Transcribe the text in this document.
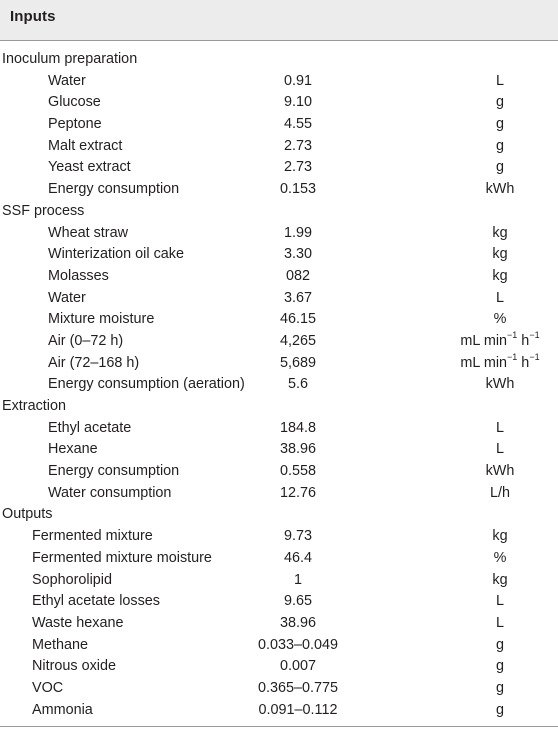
Inputs
Inoculum preparation
Water	0.91	L
Glucose	9.10	g
Peptone	4.55	g
Malt extract	2.73	g
Yeast extract	2.73	g
Energy consumption	0.153	kWh
SSF process
Wheat straw	1.99	kg
Winterization oil cake	3.30	kg
Molasses	082	kg
Water	3.67	L
Mixture moisture	46.15	%
Air (0–72 h)	4,265	mL $\min^{-1} h^{-1}$
Air (72–168 h)	5,689	mL $\min^{-1} h^{-1}$
Energy consumption (aeration)	5.6	kWh
Extraction
Ethyl acetate	184.8	L
Hexane	38.96	L
Energy consumption	0.558	kWh
Water consumption	12.76	L/h
Outputs
Fermented mixture	9.73	kg
Fermented mixture moisture	46.4	%
Sophorolipid	1	kg
Ethyl acetate losses	9.65	L
Waste hexane	38.96	L
Methane	0.033–0.049	g
Nitrous oxide	0.007	g
VOC	0.365–0.775	g
Ammonia	0.091–0.112	g
